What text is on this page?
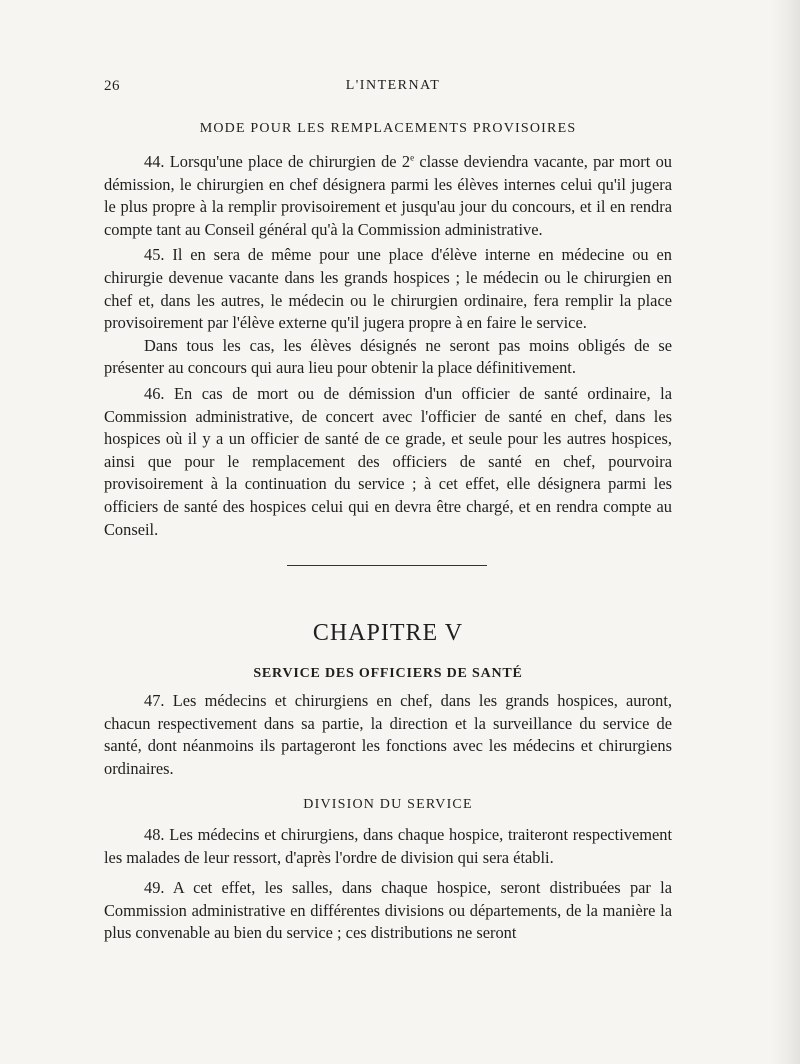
26	L'INTERNAT
MODE POUR LES REMPLACEMENTS PROVISOIRES

44. Lorsqu'une place de chirurgien de 2e classe deviendra vacante, par mort ou démission, le chirurgien en chef désignera parmi les élèves internes celui qu'il jugera le plus propre à la remplir provisoirement et jusqu'au jour du concours, et il en rendra compte tant au Conseil général qu'à la Commission administrative.

45. Il en sera de même pour une place d'élève interne en médecine ou en chirurgie devenue vacante dans les grands hospices ; le médecin ou le chirurgien en chef et, dans les autres, le médecin ou le chirurgien ordinaire, fera remplir la place provisoirement par l'élève externe qu'il jugera propre à en faire le service.

Dans tous les cas, les élèves désignés ne seront pas moins obligés de se présenter au concours qui aura lieu pour obtenir la place définitivement.

46. En cas de mort ou de démission d'un officier de santé ordinaire, la Commission administrative, de concert avec l'officier de santé en chef, dans les hospices où il y a un officier de santé de ce grade, et seule pour les autres hospices, ainsi que pour le remplacement des officiers de santé en chef, pourvoira provisoirement à la continuation du service ; à cet effet, elle désignera parmi les officiers de santé des hospices celui qui en devra être chargé, et en rendra compte au Conseil.

CHAPITRE V
SERVICE DES OFFICIERS DE SANTÉ

47. Les médecins et chirurgiens en chef, dans les grands hospices, auront, chacun respectivement dans sa partie, la direction et la surveillance du service de santé, dont néanmoins ils partageront les fonctions avec les médecins et chirurgiens ordinaires.

DIVISION DU SERVICE

48. Les médecins et chirurgiens, dans chaque hospice, traiteront respectivement les malades de leur ressort, d'après l'ordre de division qui sera établi.

49. A cet effet, les salles, dans chaque hospice, seront distribuées par la Commission administrative en différentes divisions ou départements, de la manière la plus convenable au bien du service ; ces distributions ne seront
